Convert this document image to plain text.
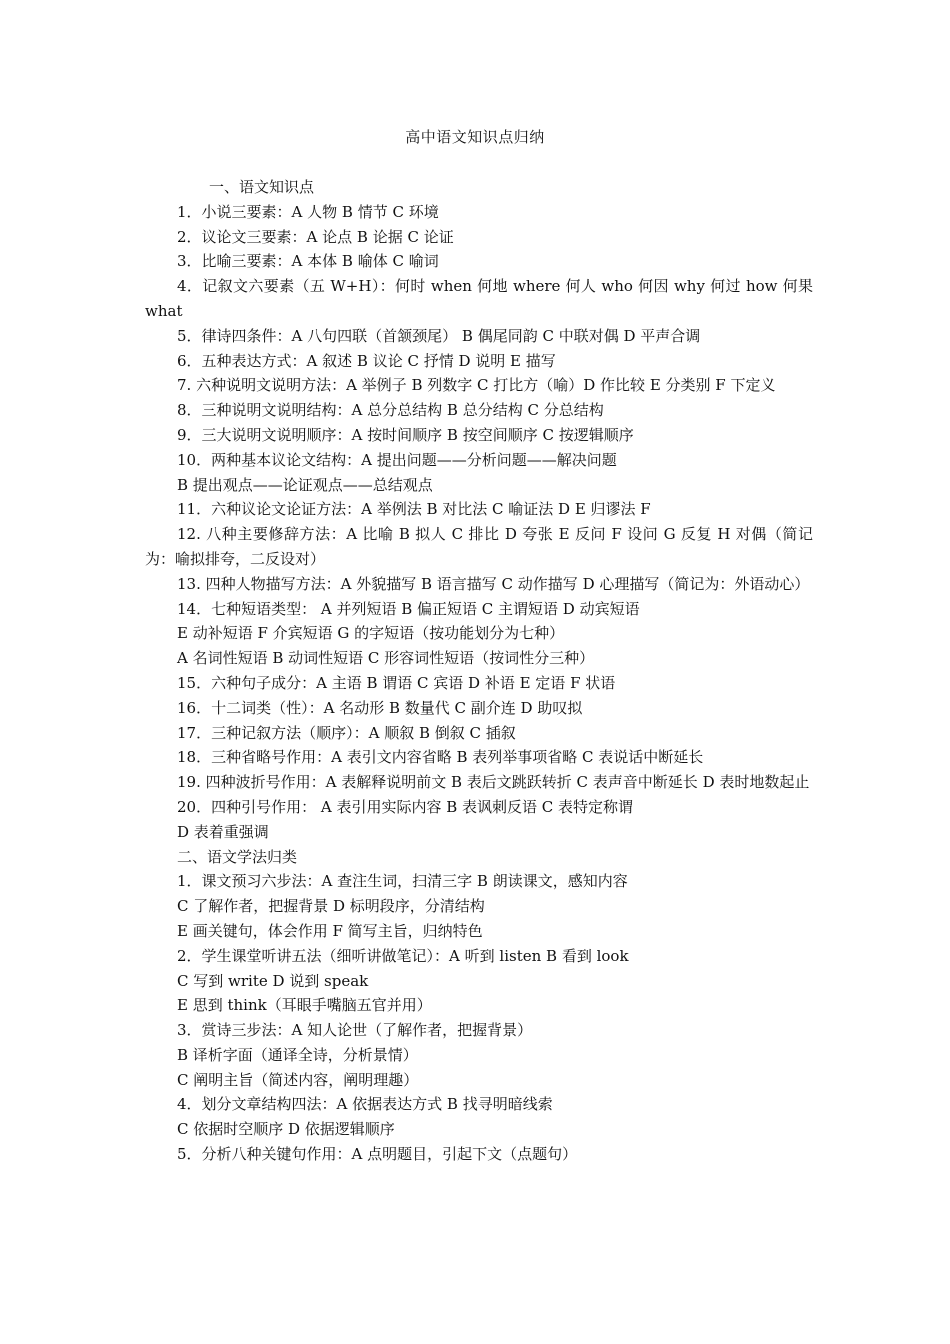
高中语文知识点归纳

一、语文知识点

1．小说三要素：A 人物 B 情节 C 环境

2．议论文三要素：A 论点 B 论据 C 论证

3．比喻三要素：A 本体 B 喻体 C 喻词

4．记叙文六要素（五 W+H）：何时 when 何地 where 何人 who 何因 why 何过 how 何果 what

5．律诗四条件：A 八句四联（首颔颈尾） B 偶尾同韵 C 中联对偶 D 平声合调

6．五种表达方式：A 叙述 B 议论 C 抒情 D 说明 E 描写

7. 六种说明文说明方法：A 举例子 B 列数字 C 打比方（喻）D 作比较 E 分类别 F 下定义

8．三种说明文说明结构：A 总分总结构 B 总分结构 C 分总结构

9．三大说明文说明顺序：A 按时间顺序 B 按空间顺序 C 按逻辑顺序

10．两种基本议论文结构：A 提出问题——分析问题——解决问题

B 提出观点——论证观点——总结观点

11．六种议论文论证方法：A 举例法 B 对比法 C 喻证法 D E 归谬法 F

12. 八种主要修辞方法：A 比喻 B 拟人 C 排比 D 夸张 E 反问 F 设问 G 反复 H 对偶（简记为：喻拟排夸，二反设对）

13. 四种人物描写方法：A 外貌描写 B 语言描写 C 动作描写 D 心理描写（简记为：外语动心）

14．七种短语类型： A 并列短语 B 偏正短语 C 主谓短语 D 动宾短语

E 动补短语 F 介宾短语 G 的字短语（按功能划分为七种）

A 名词性短语 B 动词性短语 C 形容词性短语（按词性分三种）

15．六种句子成分：A 主语 B 谓语 C 宾语 D 补语 E 定语 F 状语

16．十二词类（性）：A 名动形 B 数量代 C 副介连 D 助叹拟

17．三种记叙方法（顺序）：A 顺叙 B 倒叙 C 插叙

18．三种省略号作用：A 表引文内容省略 B 表列举事项省略 C 表说话中断延长

19. 四种波折号作用：A 表解释说明前文 B 表后文跳跃转折 C 表声音中断延长 D 表时地数起止

20．四种引号作用： A 表引用实际内容 B 表讽刺反语 C 表特定称谓

D 表着重强调

二、语文学法归类

1．课文预习六步法：A 查注生词，扫清三字 B 朗读课文，感知内容

C 了解作者，把握背景 D 标明段序，分清结构

E 画关键句，体会作用 F 简写主旨，归纳特色

2．学生课堂听讲五法（细听讲做笔记）：A 听到 listen B 看到 look

C 写到 write D 说到 speak

E 思到 think（耳眼手嘴脑五官并用）

3．赏诗三步法：A 知人论世（了解作者，把握背景）

B 译析字面（通译全诗，分析景情）

C 阐明主旨（简述内容，阐明理趣）

4．划分文章结构四法：A 依据表达方式 B 找寻明暗线索

C 依据时空顺序 D 依据逻辑顺序

5．分析八种关键句作用：A 点明题目，引起下文（点题句）
